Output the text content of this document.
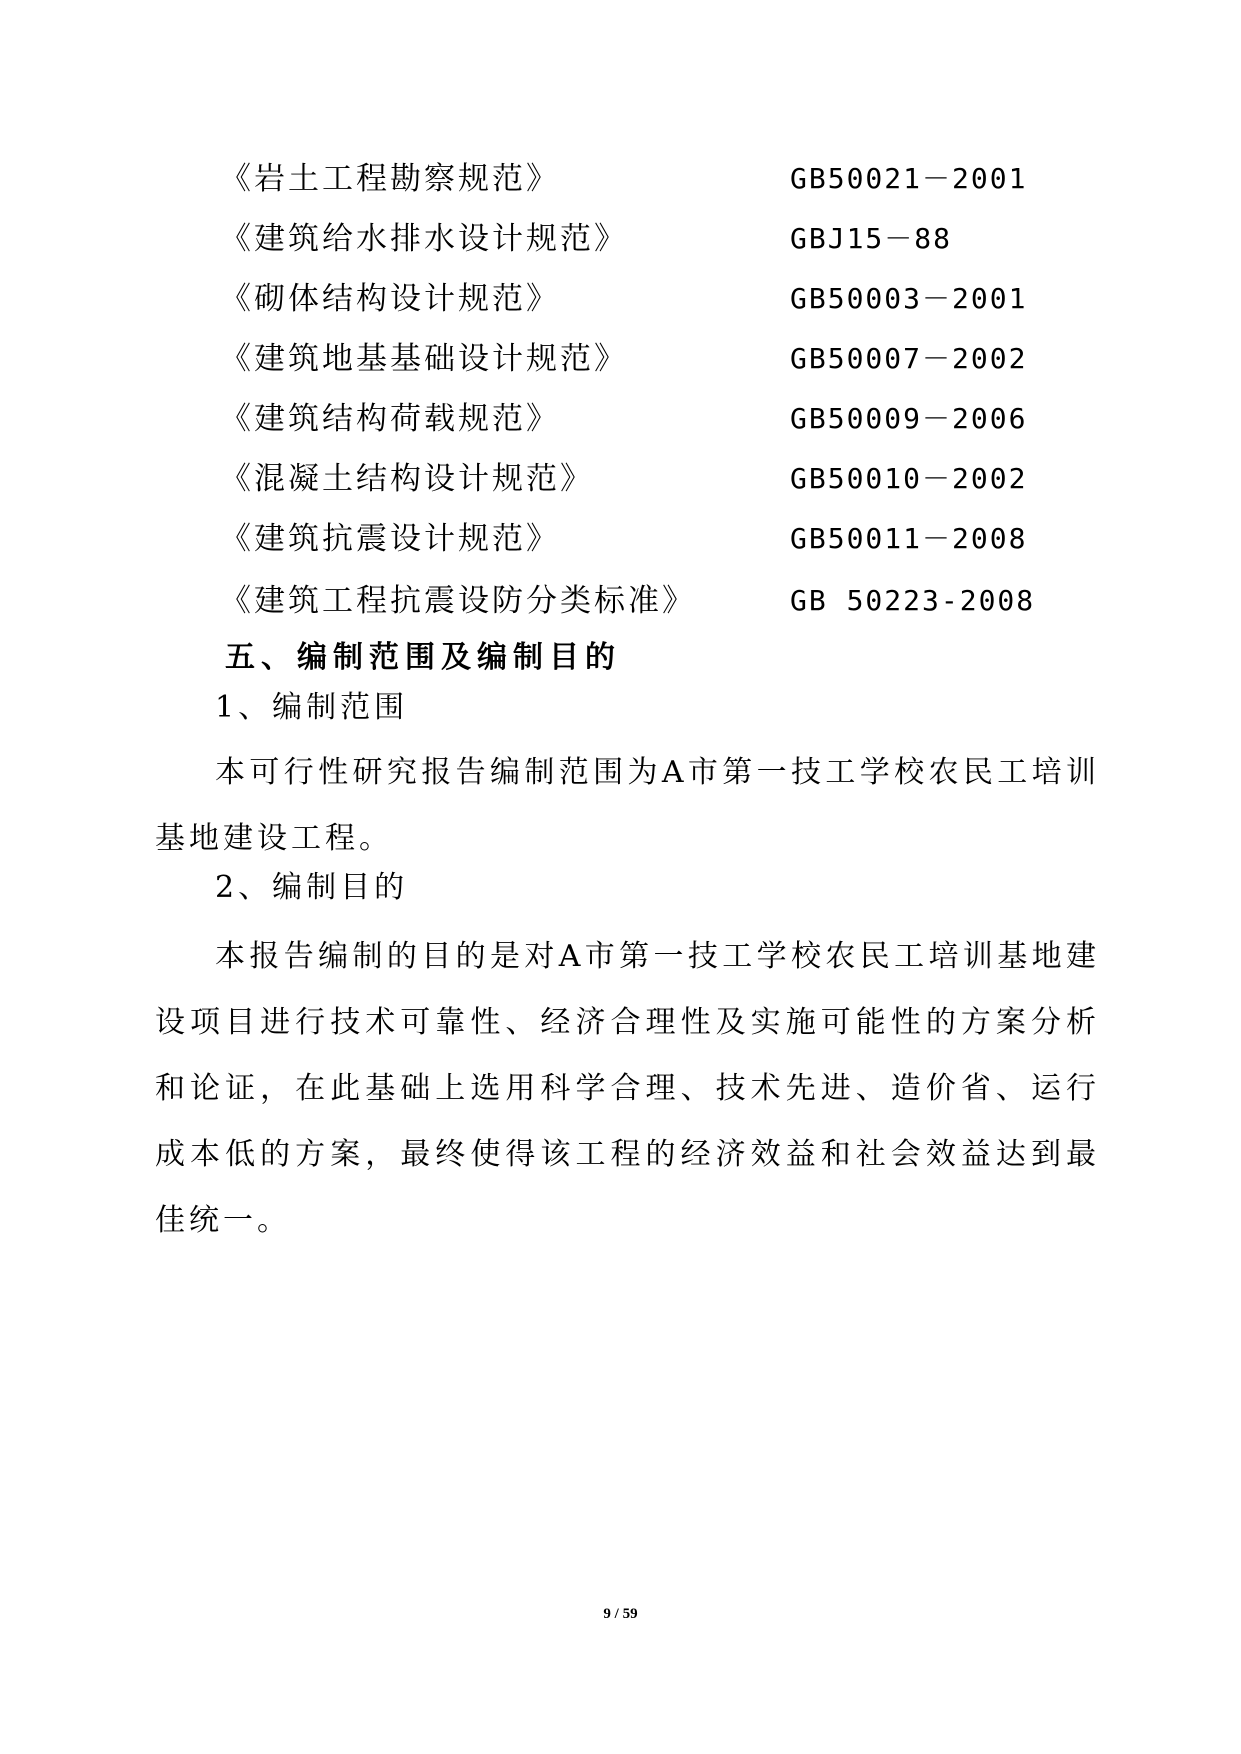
《岩土工程勘察规范》	GB50021－2001
《建筑给水排水设计规范》	GBJ15－88
《砌体结构设计规范》	GB50003－2001
《建筑地基基础设计规范》	GB50007－2002
《建筑结构荷载规范》	GB50009－2006
《混凝土结构设计规范》	GB50010－2002
《建筑抗震设计规范》	GB50011－2008
《建筑工程抗震设防分类标准》	GB 50223-2008
五、编制范围及编制目的
1、编制范围
本可行性研究报告编制范围为A市第一技工学校农民工培训基地建设工程。
2、编制目的
本报告编制的目的是对A市第一技工学校农民工培训基地建设项目进行技术可靠性、经济合理性及实施可能性的方案分析和论证，在此基础上选用科学合理、技术先进、造价省、运行成本低的方案，最终使得该工程的经济效益和社会效益达到最佳统一。
9 / 59
